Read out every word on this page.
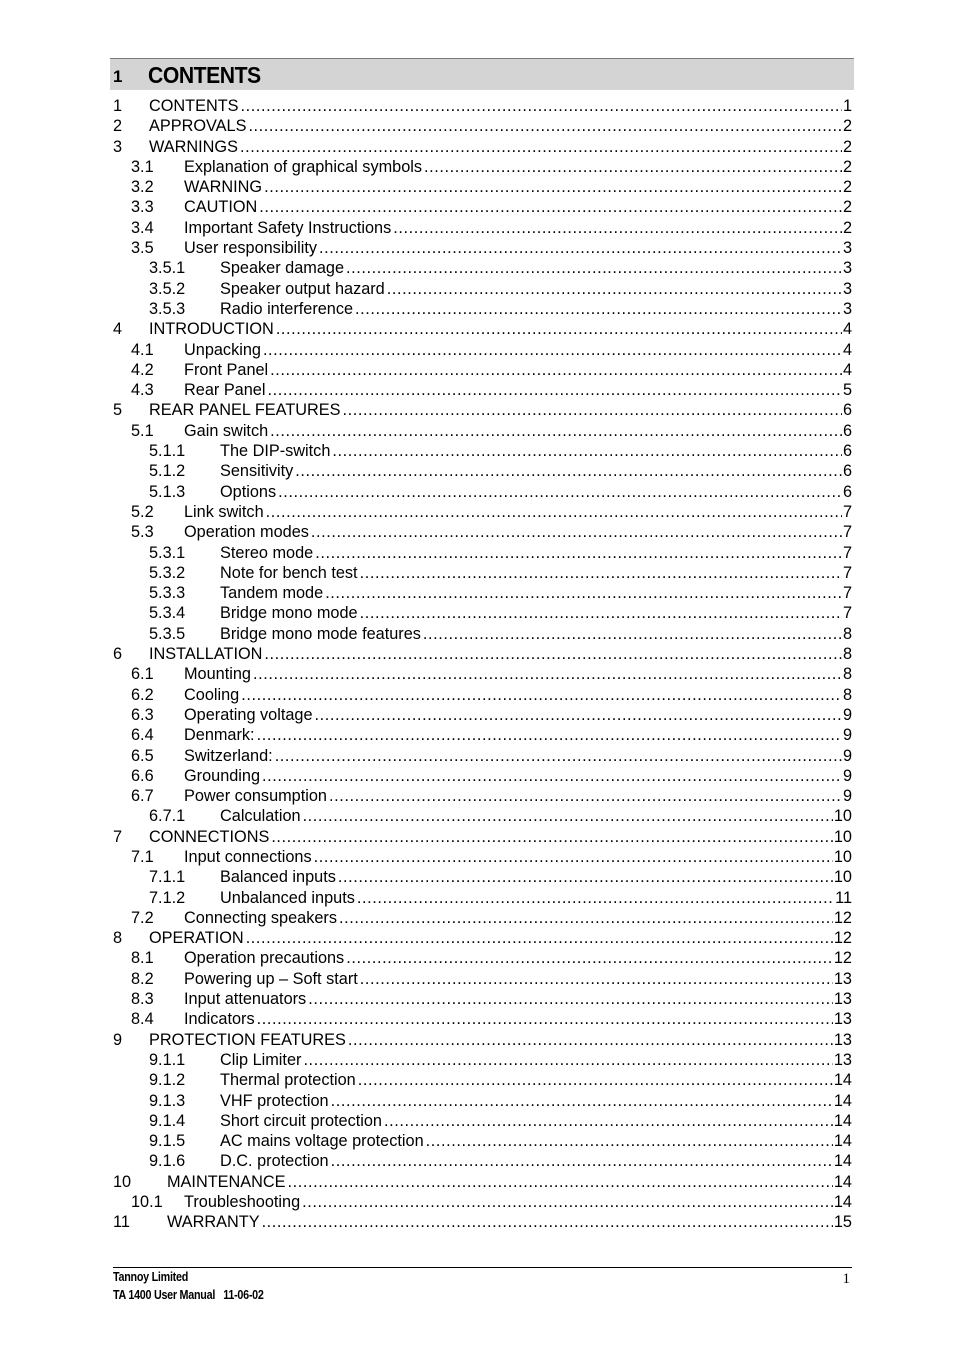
1 CONTENTS
1 CONTENTS .....	1
2 APPROVALS .....	2
3 WARNINGS .....	2
3.1 Explanation of graphical symbols .....	2
3.2 WARNING .....	2
3.3 CAUTION .....	2
3.4 Important Safety Instructions .....	2
3.5 User responsibility .....	3
3.5.1 Speaker damage .....	3
3.5.2 Speaker output hazard .....	3
3.5.3 Radio interference .....	3
4 INTRODUCTION .....	4
4.1 Unpacking .....	4
4.2 Front Panel .....	4
4.3 Rear Panel .....	5
5 REAR PANEL FEATURES .....	6
5.1 Gain switch .....	6
5.1.1 The DIP-switch .....	6
5.1.2 Sensitivity .....	6
5.1.3 Options .....	6
5.2 Link switch .....	7
5.3 Operation modes .....	7
5.3.1 Stereo mode .....	7
5.3.2 Note for bench test .....	7
5.3.3 Tandem mode .....	7
5.3.4 Bridge mono mode .....	7
5.3.5 Bridge mono mode features .....	8
6 INSTALLATION .....	8
6.1 Mounting .....	8
6.2 Cooling .....	8
6.3 Operating voltage .....	9
6.4 Denmark: .....	9
6.5 Switzerland: .....	9
6.6 Grounding .....	9
6.7 Power consumption .....	9
6.7.1 Calculation .....	10
7 CONNECTIONS .....	10
7.1 Input connections .....	10
7.1.1 Balanced inputs .....	10
7.1.2 Unbalanced inputs .....	11
7.2 Connecting speakers .....	12
8 OPERATION .....	12
8.1 Operation precautions .....	12
8.2 Powering up – Soft start .....	13
8.3 Input attenuators .....	13
8.4 Indicators .....	13
9 PROTECTION FEATURES .....	13
9.1.1 Clip Limiter .....	13
9.1.2 Thermal protection .....	14
9.1.3 VHF protection .....	14
9.1.4 Short circuit protection .....	14
9.1.5 AC mains voltage protection .....	14
9.1.6 D.C. protection .....	14
10 MAINTENANCE .....	14
10.1 Troubleshooting .....	14
11 WARRANTY .....	15
Tannoy Limited
TA 1400 User Manual   11-06-02
1
